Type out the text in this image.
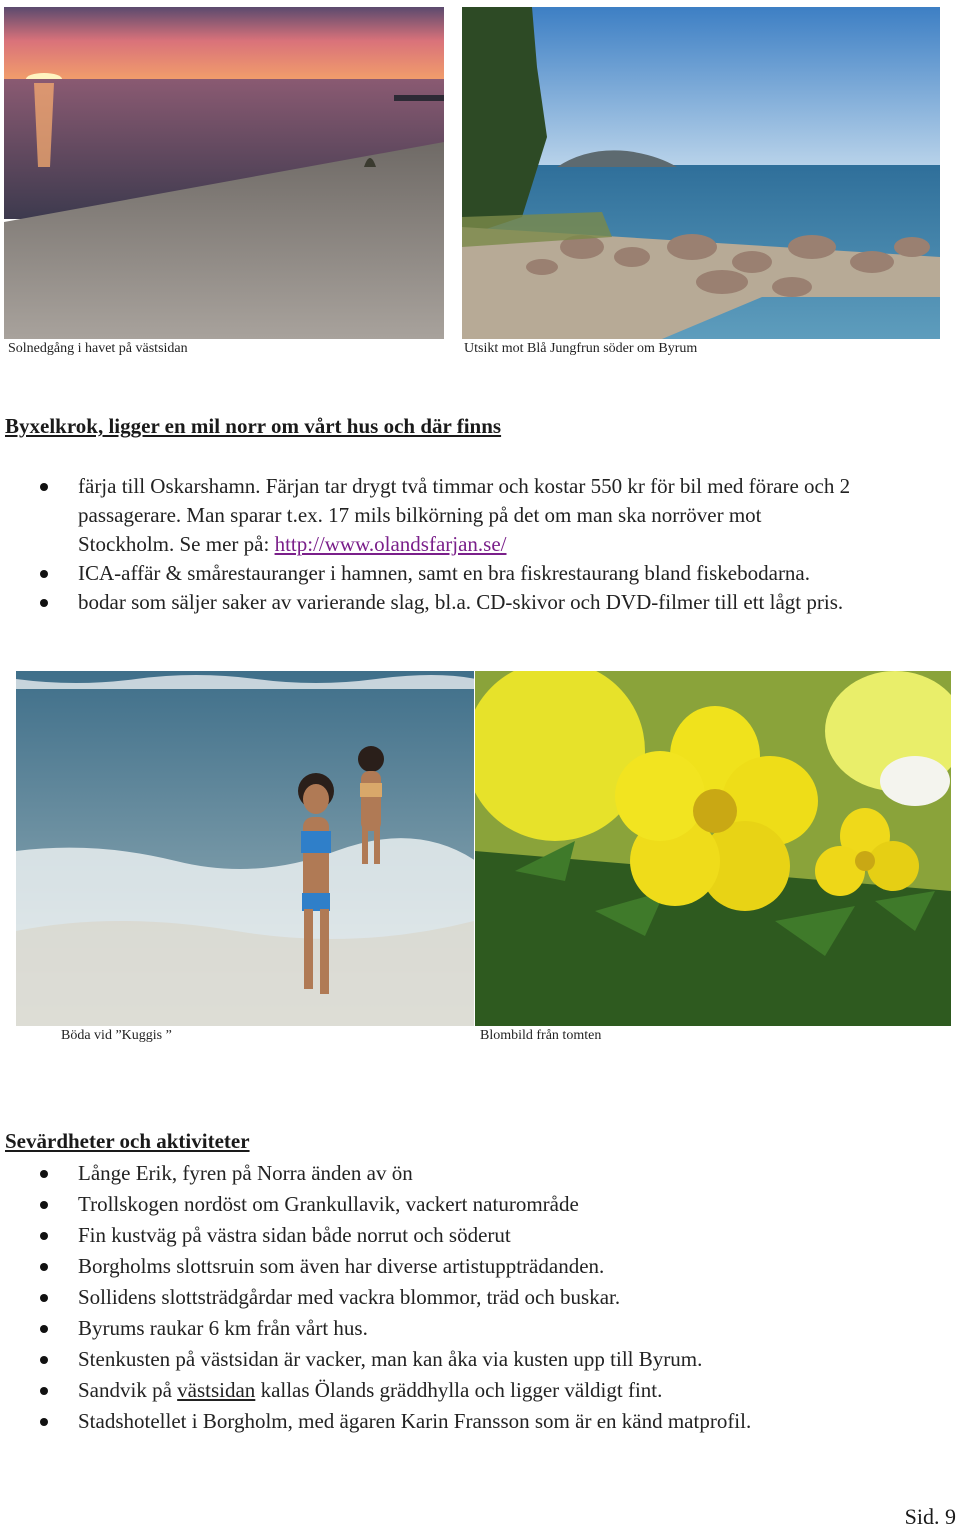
Solnedgång i havet på västsidan	Utsikt mot Blå Jungfrun söder om Byrum
Byxelkrok, ligger en mil norr om vårt hus och där finns
färja till Oskarshamn. Färjan tar drygt två timmar och kostar 550 kr för bil med förare och 2
passagerare. Man sparar t.ex. 17 mils bilkörning på det om man ska norröver mot
Stockholm. Se mer på: http://www.olandsfarjan.se/
ICA-affär & smårestauranger i hamnen, samt en bra fiskrestaurang bland fiskebodarna.
bodar som säljer saker av varierande slag, bl.a. CD-skivor och DVD-filmer till ett lågt pris.
Böda vid ”Kuggis ”	Blombild från tomten
Sevärdheter och aktiviteter
Långe Erik, fyren på Norra änden av ön
Trollskogen nordöst om Grankullavik, vackert naturområde
Fin kustväg på västra sidan både norrut och söderut
Borgholms slottsruin som även har diverse artistuppträdanden.
Sollidens slottsträdgårdar med vackra blommor, träd och buskar.
Byrums raukar 6 km från vårt hus.
Stenkusten på västsidan är vacker, man kan åka via kusten upp till Byrum.
Sandvik på västsidan kallas Ölands gräddhylla och ligger väldigt fint.
Stadshotellet i Borgholm, med ägaren Karin Fransson som är en känd matprofil.
Sid. 9
